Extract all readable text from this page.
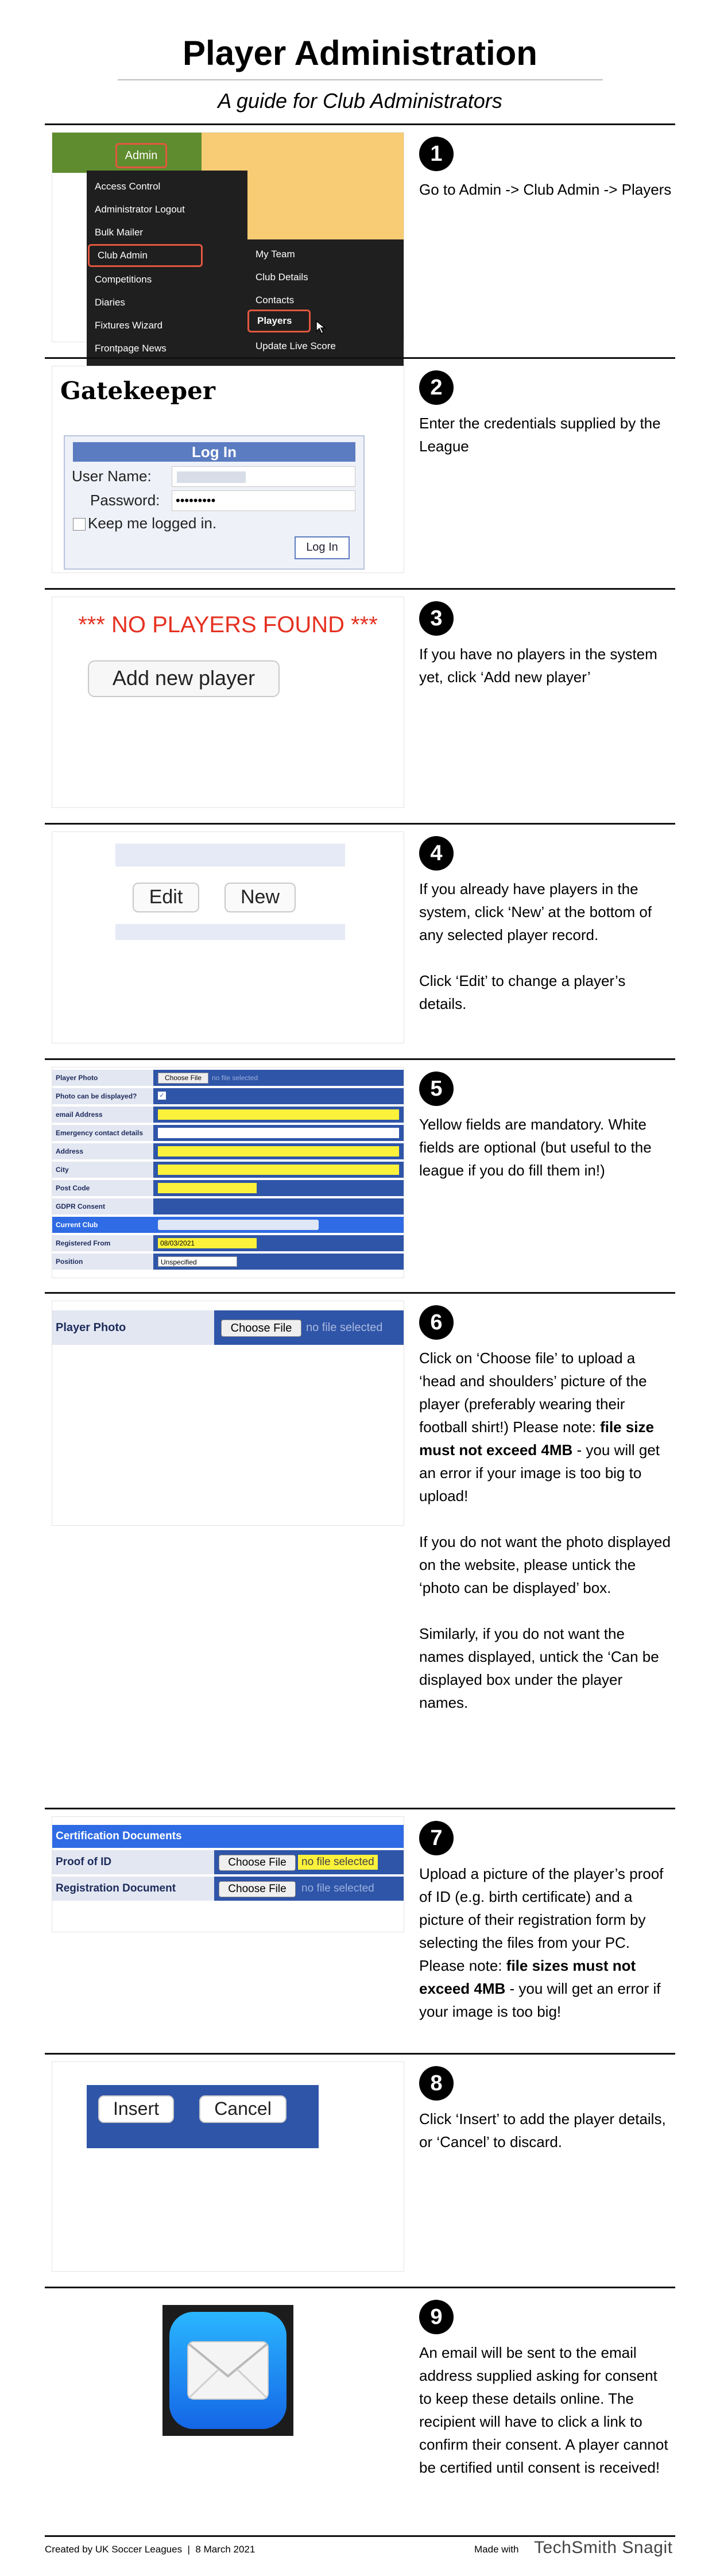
Player Administration
A guide for Club Administrators
Admin
Access Control
Administrator Logout
Bulk Mailer
Club Admin
Competitions
Diaries
Fixtures Wizard
Frontpage News
My Team
Club Details
Contacts
Players
Update Live Score
1

Go to Admin -> Club Admin -> Players

Gatekeeper
Log In
User Name:
Password:	•••••••••
Keep me logged in.
Log In
2

Enter the credentials supplied by the League

*** NO PLAYERS FOUND ***
Add new player
3

If you have no players in the system yet, click ‘Add new player’

Edit	New
4

If you already have players in the system, click ‘New’ at the bottom of any selected player record.

Click ‘Edit’ to change a player’s details.

Player Photo	Choose File	no file selected
Photo can be displayed?	✓
email Address
Emergency contact details
Address
City
Post Code
GDPR Consent
Current Club
Registered From	08/03/2021
Position	Unspecified
5

Yellow fields are mandatory. White fields are optional (but useful to the league if you do fill them in!)

Player Photo	Choose File	no file selected	6

Click on ‘Choose file’ to upload a ‘head and shoulders’ picture of the player (preferably wearing their football shirt!) Please note: file size must not exceed 4MB - you will get an error if your image is too big to upload!

If you do not want the photo displayed on the website, please untick the ‘photo can be displayed’ box.

Similarly, if you do not want the names displayed, untick the ‘Can be displayed box under the player names.

Certification Documents
Proof of ID	Choose File	no file selected
Registration Document	Choose File	no file selected
7

Upload a picture of the player’s proof of ID (e.g. birth certificate) and a picture of their registration form by selecting the files from your PC. Please note: file sizes must not exceed 4MB - you will get an error if your image is too big!

Insert	Cancel
8

Click ‘Insert’ to add the player details, or ‘Cancel’ to discard.

9

An email will be sent to the email address supplied asking for consent to keep these details online. The recipient will have to click a link to confirm their consent. A player cannot be certified until consent is received!

Created by UK Soccer Leagues  |  8 March 2021	Made with TechSmith Snagit
